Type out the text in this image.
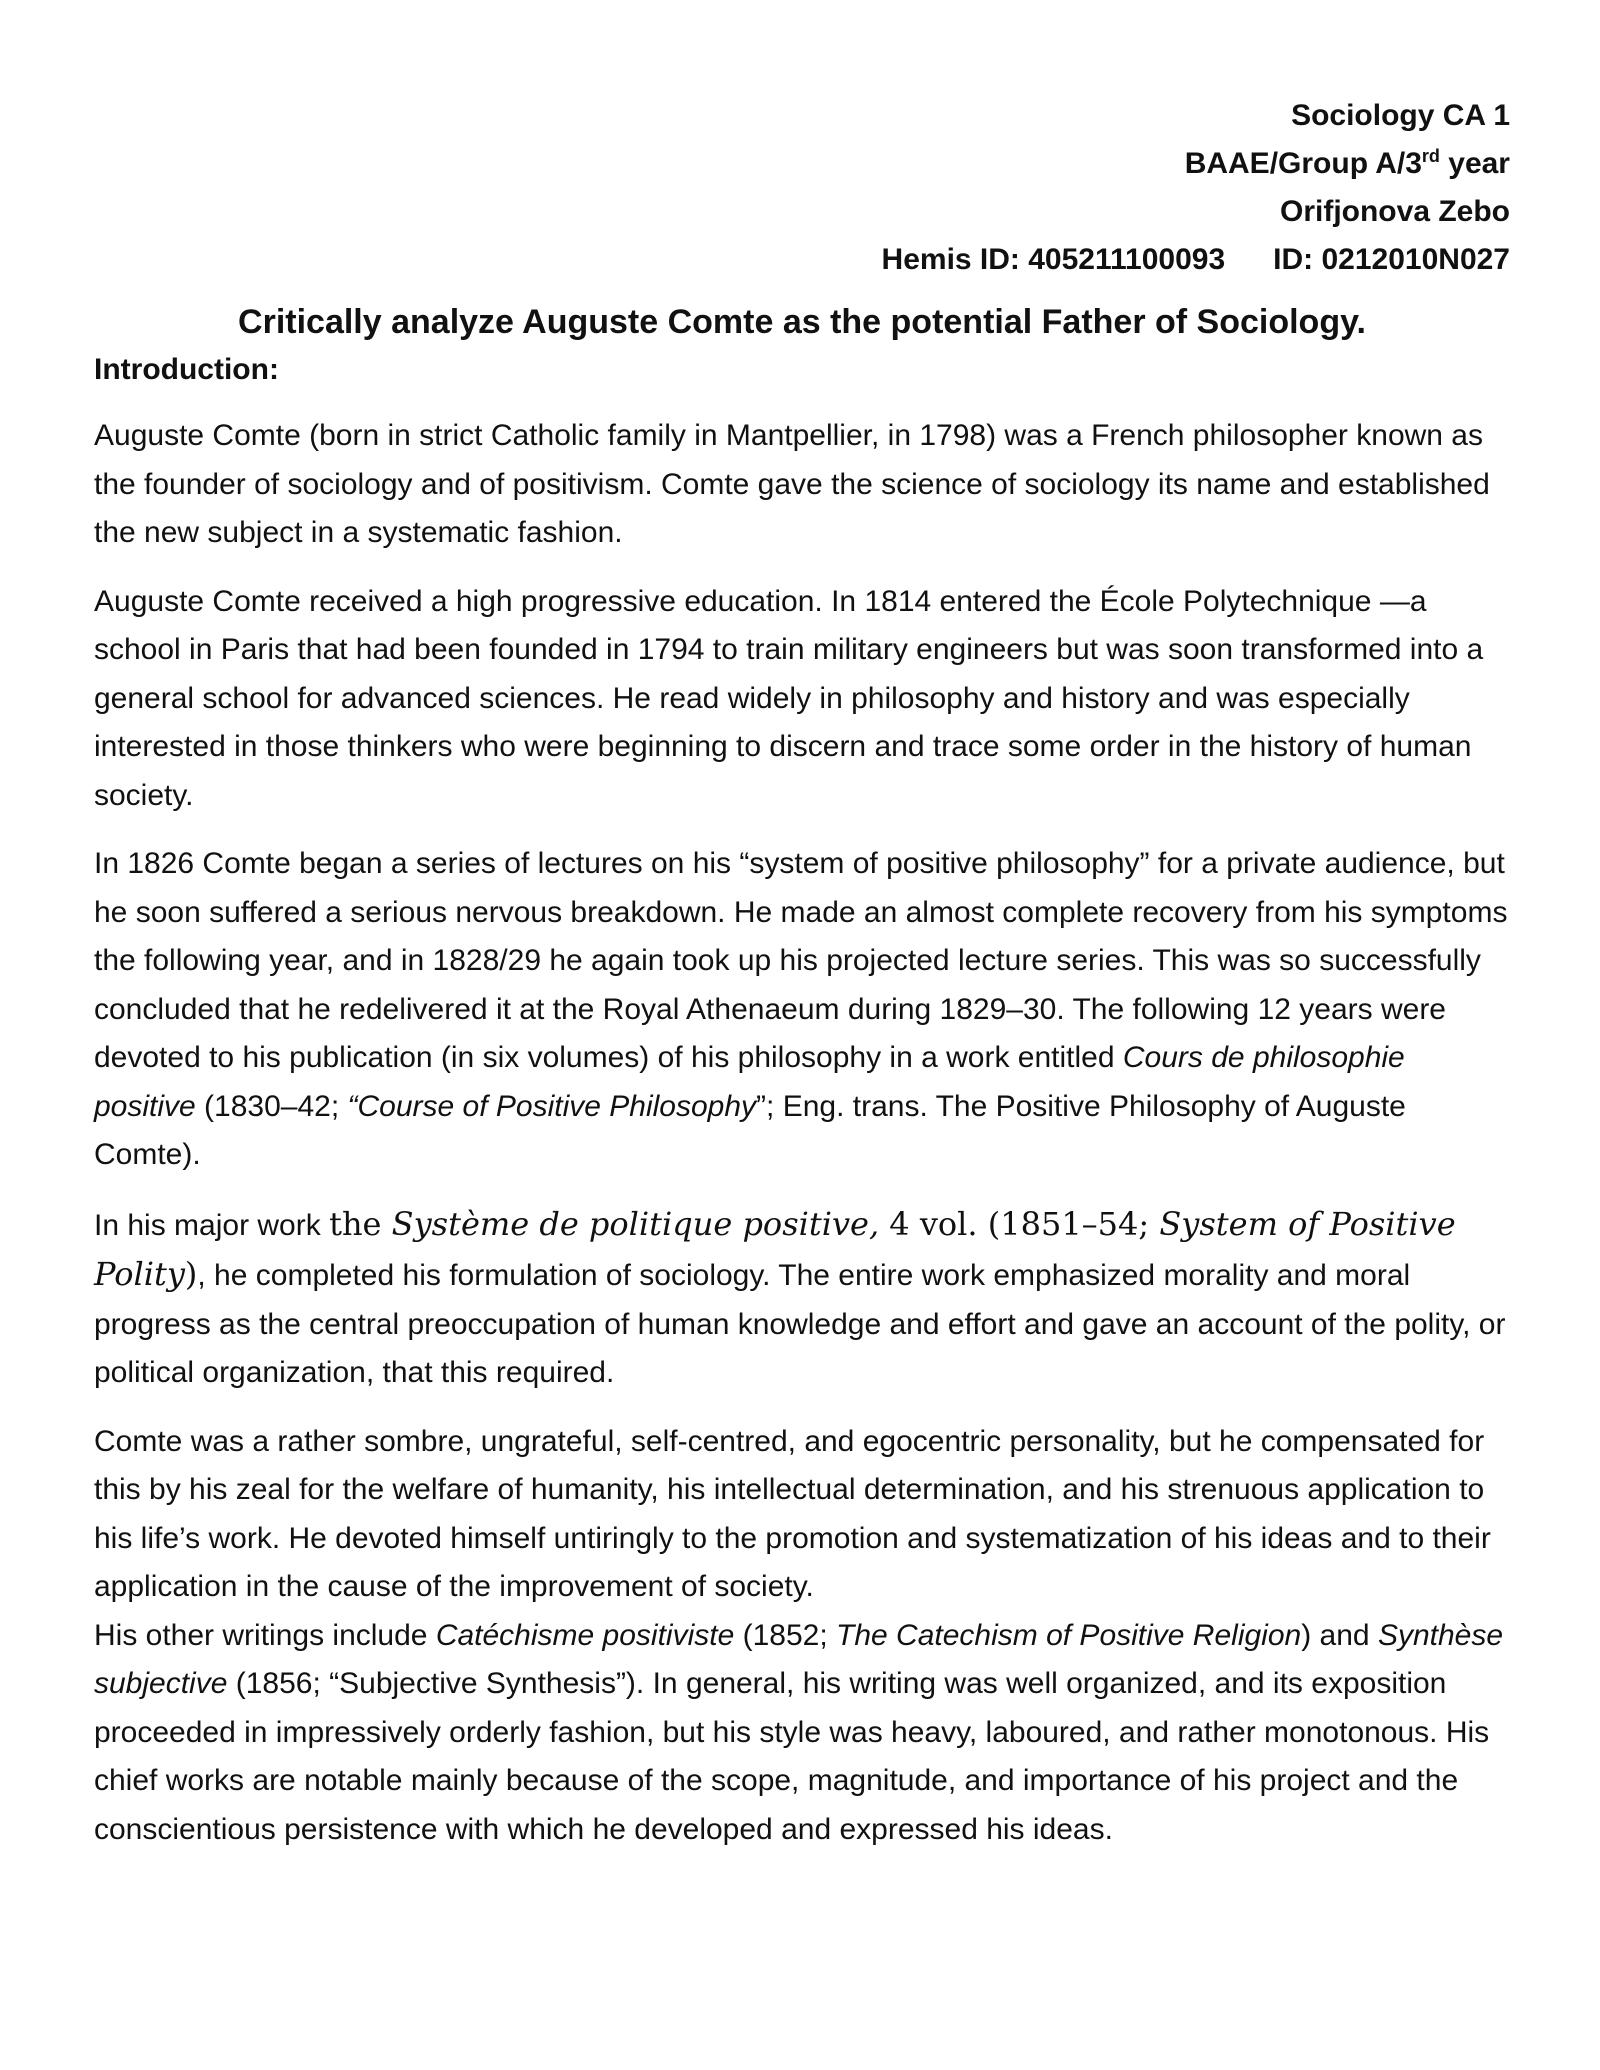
Sociology CA 1
BAAE/Group A/3rd year
Orifjonova Zebo
Hemis ID: 405211100093 ID: 0212010N027
Critically analyze Auguste Comte as the potential Father of Sociology.
Introduction:

Auguste Comte (born in strict Catholic family in Mantpellier, in 1798) was a French philosopher known as the founder of sociology and of positivism. Comte gave the science of sociology its name and established the new subject in a systematic fashion.

Auguste Comte received a high progressive education. In 1814 entered the École Polytechnique —a school in Paris that had been founded in 1794 to train military engineers but was soon transformed into a general school for advanced sciences. He read widely in philosophy and history and was especially interested in those thinkers who were beginning to discern and trace some order in the history of human society.

In 1826 Comte began a series of lectures on his “system of positive philosophy” for a private audience, but he soon suffered a serious nervous breakdown. He made an almost complete recovery from his symptoms the following year, and in 1828/29 he again took up his projected lecture series. This was so successfully concluded that he redelivered it at the Royal Athenaeum during 1829–30. The following 12 years were devoted to his publication (in six volumes) of his philosophy in a work entitled Cours de philosophie positive (1830–42; “Course of Positive Philosophy”; Eng. trans. The Positive Philosophy of Auguste Comte).

In his major work the Système de politique positive, 4 vol. (1851–54; System of Positive Polity), he completed his formulation of sociology. The entire work emphasized morality and moral progress as the central preoccupation of human knowledge and effort and gave an account of the polity, or political organization, that this required.

Comte was a rather sombre, ungrateful, self-centred, and egocentric personality, but he compensated for this by his zeal for the welfare of humanity, his intellectual determination, and his strenuous application to his life’s work. He devoted himself untiringly to the promotion and systematization of his ideas and to their application in the cause of the improvement of society.

His other writings include Catéchisme positiviste (1852; The Catechism of Positive Religion) and Synthèse subjective (1856; “Subjective Synthesis”). In general, his writing was well organized, and its exposition proceeded in impressively orderly fashion, but his style was heavy, laboured, and rather monotonous. His chief works are notable mainly because of the scope, magnitude, and importance of his project and the conscientious persistence with which he developed and expressed his ideas.
